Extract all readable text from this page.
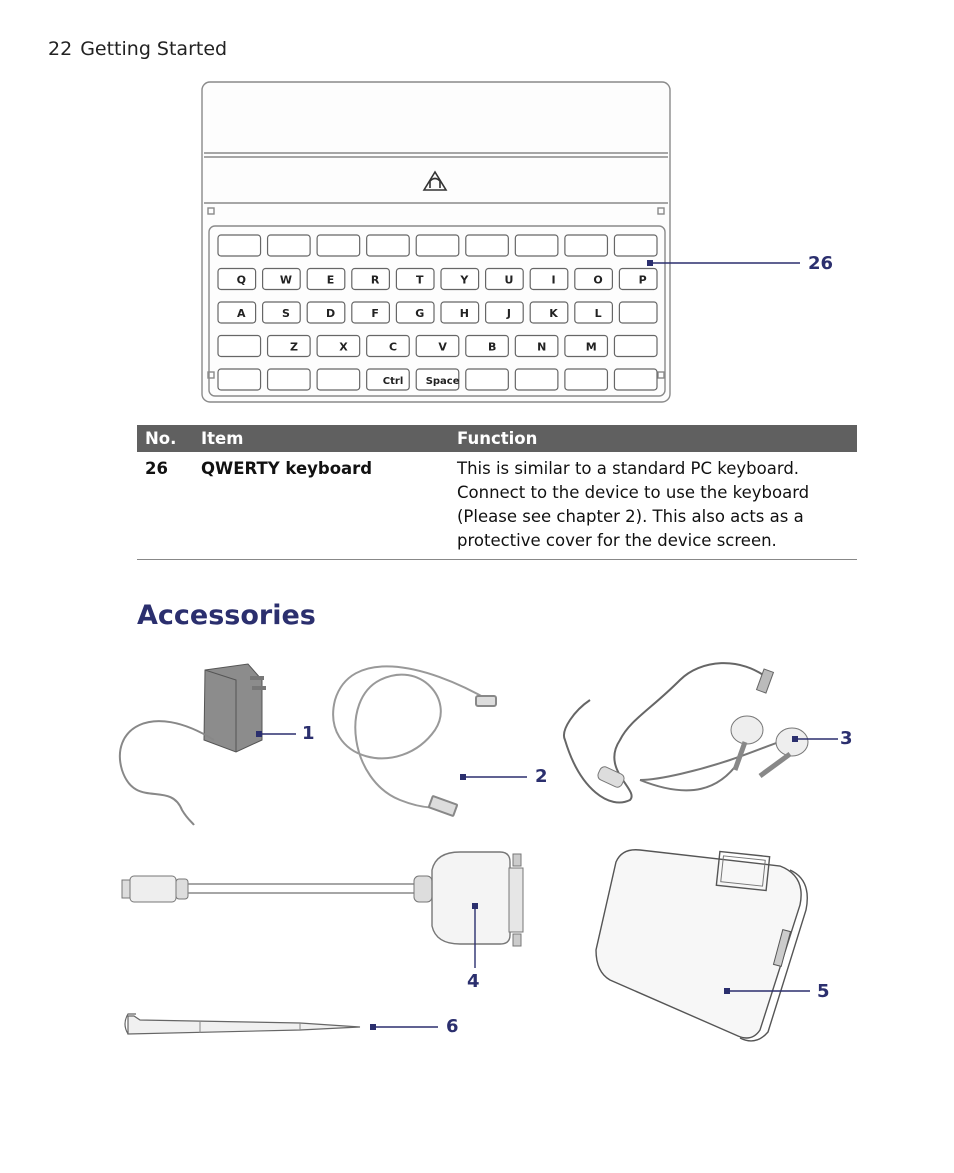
22 Getting Started
Q	W	E	R	T	Y	U	I	O	P
A	S	D	F	G	H	J	K	L
Z	X	C	V	B	N	M
Ctrl Space
26
No.	Item	Function
26	QWERTY keyboard	This is similar to a standard PC keyboard. Connect to the device to use the keyboard (Please see chapter 2). This also acts as a protective cover for the device screen.
Accessories
1
2
3
4	5
6
